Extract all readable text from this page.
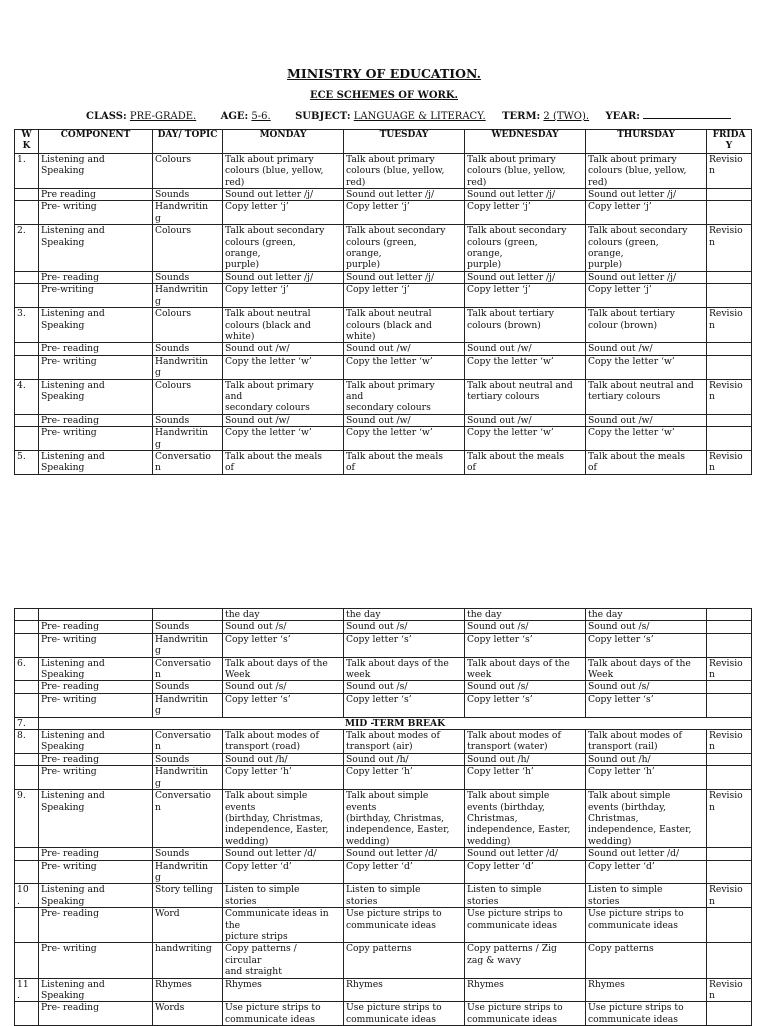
MINISTRY OF EDUCATION.
ECE SCHEMES OF WORK.
CLASS: PRE-GRADE. AGE: 5-6. SUBJECT: LANGUAGE & LITERACY. TERM: 2 (TWO). YEAR:
W
K	COMPONENT	DAY/ TOPIC	MONDAY	TUESDAY	WEDNESDAY	THURSDAY	FRIDA
Y
1.	Listening and
Speaking	Colours	Talk about primary
colours (blue, yellow,
red)	Talk about primary
colours (blue, yellow,
red)	Talk about primary
colours (blue, yellow,
red)	Talk about primary
colours (blue, yellow,
red)	Revisio
n
	Pre reading	Sounds	Sound out letter /j/	Sound out letter /j/	Sound out letter /j/	Sound out letter /j/	
	Pre- writing	Handwritin
g	Copy letter ‘j’	Copy letter ‘j’	Copy letter ‘j’	Copy letter ‘j’	
2.	Listening and
Speaking	Colours	Talk about secondary
colours (green,
orange,
purple)	Talk about secondary
colours (green,
orange,
purple)	Talk about secondary
colours (green,
orange,
purple)	Talk about secondary
colours (green,
orange,
purple)	Revisio
n
	Pre- reading	Sounds	Sound out letter /j/	Sound out letter /j/	Sound out letter /j/	Sound out letter /j/	
	Pre-writing	Handwritin
g	Copy letter ‘j’	Copy letter ‘j’	Copy letter ‘j’	Copy letter ‘j’	
3.	Listening and
Speaking	Colours	Talk about neutral
colours (black and
white)	Talk about neutral
colours (black and
white)	Talk about tertiary
colours (brown)	Talk about tertiary
colour (brown)	Revisio
n
	Pre- reading	Sounds	Sound out /w/	Sound out /w/	Sound out /w/	Sound out /w/	
	Pre- writing	Handwritin
g	Copy the letter ‘w’	Copy the letter ‘w’	Copy the letter ‘w’	Copy the letter ‘w’	
4.	Listening and
Speaking	Colours	Talk about primary
and
secondary colours	Talk about primary
and
secondary colours	Talk about neutral and
tertiary colours	Talk about neutral and
tertiary colours	Revisio
n
	Pre- reading	Sounds	Sound out /w/	Sound out /w/	Sound out /w/	Sound out /w/	
	Pre- writing	Handwritin
g	Copy the letter ‘w’	Copy the letter ‘w’	Copy the letter ‘w’	Copy the letter ‘w’	
5.	Listening and
Speaking	Conversatio
n	Talk about the meals
of	Talk about the meals
of	Talk about the meals
of	Talk about the meals
of	Revisio
n
			the day	the day	the day	the day	
	Pre- reading	Sounds	Sound out /s/	Sound out /s/	Sound out /s/	Sound out /s/	
	Pre- writing	Handwritin
g	Copy letter ‘s’	Copy letter ‘s’	Copy letter ‘s’	Copy letter ‘s’	
6.	Listening and
Speaking	Conversatio
n	Talk about days of the
Week	Talk about days of the
week	Talk about days of the
week	Talk about days of the
Week	Revisio
n
	Pre- reading	Sounds	Sound out /s/	Sound out /s/	Sound out /s/	Sound out /s/	
	Pre- writing	Handwritin
g	Copy letter ‘s’	Copy letter ‘s’	Copy letter ‘s’	Copy letter ‘s’	
7.	MID -TERM BREAK						
8.	Listening and
Speaking	Conversatio
n	Talk about modes of
transport (road)	Talk about modes of
transport (air)	Talk about modes of
transport (water)	Talk about modes of
transport (rail)	Revisio
n
	Pre- reading	Sounds	Sound out /h/	Sound out /h/	Sound out /h/	Sound out /h/	
	Pre- writing	Handwritin
g	Copy letter ‘h’	Copy letter ‘h’	Copy letter ‘h’	Copy letter ‘h’	
9.	Listening and
Speaking	Conversatio
n	Talk about simple
events
(birthday, Christmas,
independence, Easter,
wedding)	Talk about simple
events
(birthday, Christmas,
independence, Easter,
wedding)	Talk about simple
events (birthday,
Christmas,
independence, Easter,
wedding)	Talk about simple
events (birthday,
Christmas,
independence, Easter,
wedding)	Revisio
n
	Pre- reading	Sounds	Sound out letter /d/	Sound out letter /d/	Sound out letter /d/	Sound out letter /d/	
	Pre- writing	Handwritin
g	Copy letter ‘d’	Copy letter ‘d’	Copy letter ‘d’	Copy letter ‘d’	
10
.	Listening and
Speaking	Story telling	Listen to simple
stories	Listen to simple
stories	Listen to simple
stories	Listen to simple
stories	Revisio
n
	Pre- reading	Word	Communicate ideas in
the
picture strips	Use picture strips to
communicate ideas	Use picture strips to
communicate ideas	Use picture strips to
communicate ideas	
	Pre- writing	handwriting	Copy patterns /
circular
and straight	Copy patterns	Copy patterns / Zig
zag & wavy	Copy patterns	
11
.	Listening and
Speaking	Rhymes	Rhymes	Rhymes	Rhymes	Rhymes	Revisio
n
	Pre- reading	Words	Use picture strips to
communicate ideas	Use picture strips to
communicate ideas	Use picture strips to
communicate ideas	Use picture strips to
communicate ideas	
